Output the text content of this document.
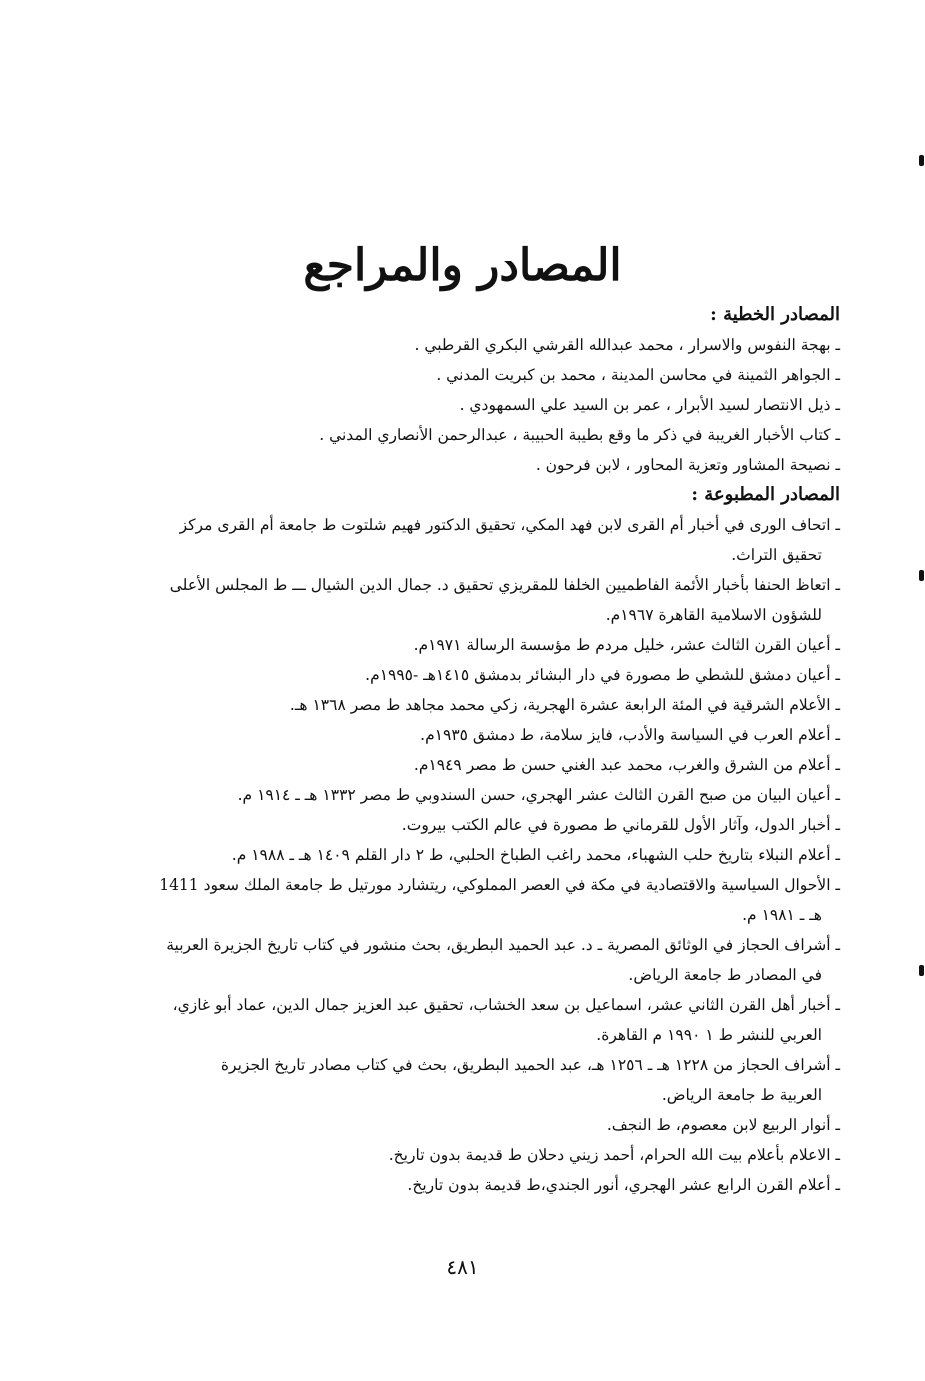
المصادر والمراجع

المصادر الخطية :

ـ بهجة النفوس والاسرار ، محمد عبدالله القرشي البكري القرطبي .

ـ الجواهر الثمينة في محاسن المدينة ، محمد بن كبريت المدني .

ـ ذيل الانتصار لسيد الأبرار ، عمر بن السيد علي السمهودي .

ـ كتاب الأخبار الغريبة في ذكر ما وقع بطيبة الحبيبة ، عبدالرحمن الأنصاري المدني .

ـ نصيحة المشاور وتعزية المحاور ، لابن فرحون .

المصادر المطبوعة :

ـ اتحاف الورى في أخبار أم القرى لابن فهد المكي، تحقيق الدكتور فهيم شلتوت ط جامعة أم القرى مركز
تحقيق التراث.

ـ اتعاظ الحنفا بأخبار الأئمة الفاطميين الخلفا للمقريزي تحقيق د. جمال الدين الشيال ـــ ط المجلس الأعلى
للشؤون الاسلامية القاهرة ١٩٦٧م.

ـ أعيان القرن الثالث عشر، خليل مردم ط مؤسسة الرسالة ١٩٧١م.

ـ أعيان دمشق للشطي ط مصورة في دار البشائر بدمشق ١٤١٥هـ -١٩٩٥م.

ـ الأعلام الشرقية في المئة الرابعة عشرة الهجرية، زكي محمد مجاهد ط مصر ١٣٦٨ هـ.

ـ أعلام العرب في السياسة والأدب، فايز سلامة، ط دمشق ١٩٣٥م.

ـ أعلام من الشرق والغرب، محمد عبد الغني حسن ط مصر ١٩٤٩م.

ـ أعيان البيان من صبح القرن الثالث عشر الهجري، حسن السندوبي ط مصر ١٣٣٢ هـ ـ ١٩١٤ م.

ـ أخبار الدول، وآثار الأول للقرماني ط مصورة في عالم الكتب بيروت.

ـ أعلام النبلاء بتاريخ حلب الشهباء، محمد راغب الطباخ الحلبي، ط ٢ دار القلم ١٤٠٩ هـ ـ ١٩٨٨ م.

ـ الأحوال السياسية والاقتصادية في مكة في العصر المملوكي، ريتشارد مورتيل ط جامعة الملك سعود 1411
هـ ـ ١٩٨١ م.

ـ أشراف الحجاز في الوثائق المصرية ـ د. عبد الحميد البطريق، بحث منشور في كتاب تاريخ الجزيرة العربية
في المصادر ط جامعة الرياض.

ـ أخبار أهل القرن الثاني عشر، اسماعيل بن سعد الخشاب، تحقيق عبد العزيز جمال الدين، عماد أبو غازي،
العربي للنشر ط ١ ١٩٩٠ م القاهرة.

ـ أشراف الحجاز من ١٢٢٨ هـ ـ ١٢٥٦ هـ، عبد الحميد البطريق، بحث في كتاب مصادر تاريخ الجزيرة
العربية ط جامعة الرياض.

ـ أنوار الربيع لابن معصوم، ط النجف.

ـ الاعلام بأعلام بيت الله الحرام، أحمد زيني دحلان ط قديمة بدون تاريخ.

ـ أعلام القرن الرابع عشر الهجري، أنور الجندي،ط قديمة بدون تاريخ.

٤٨١
